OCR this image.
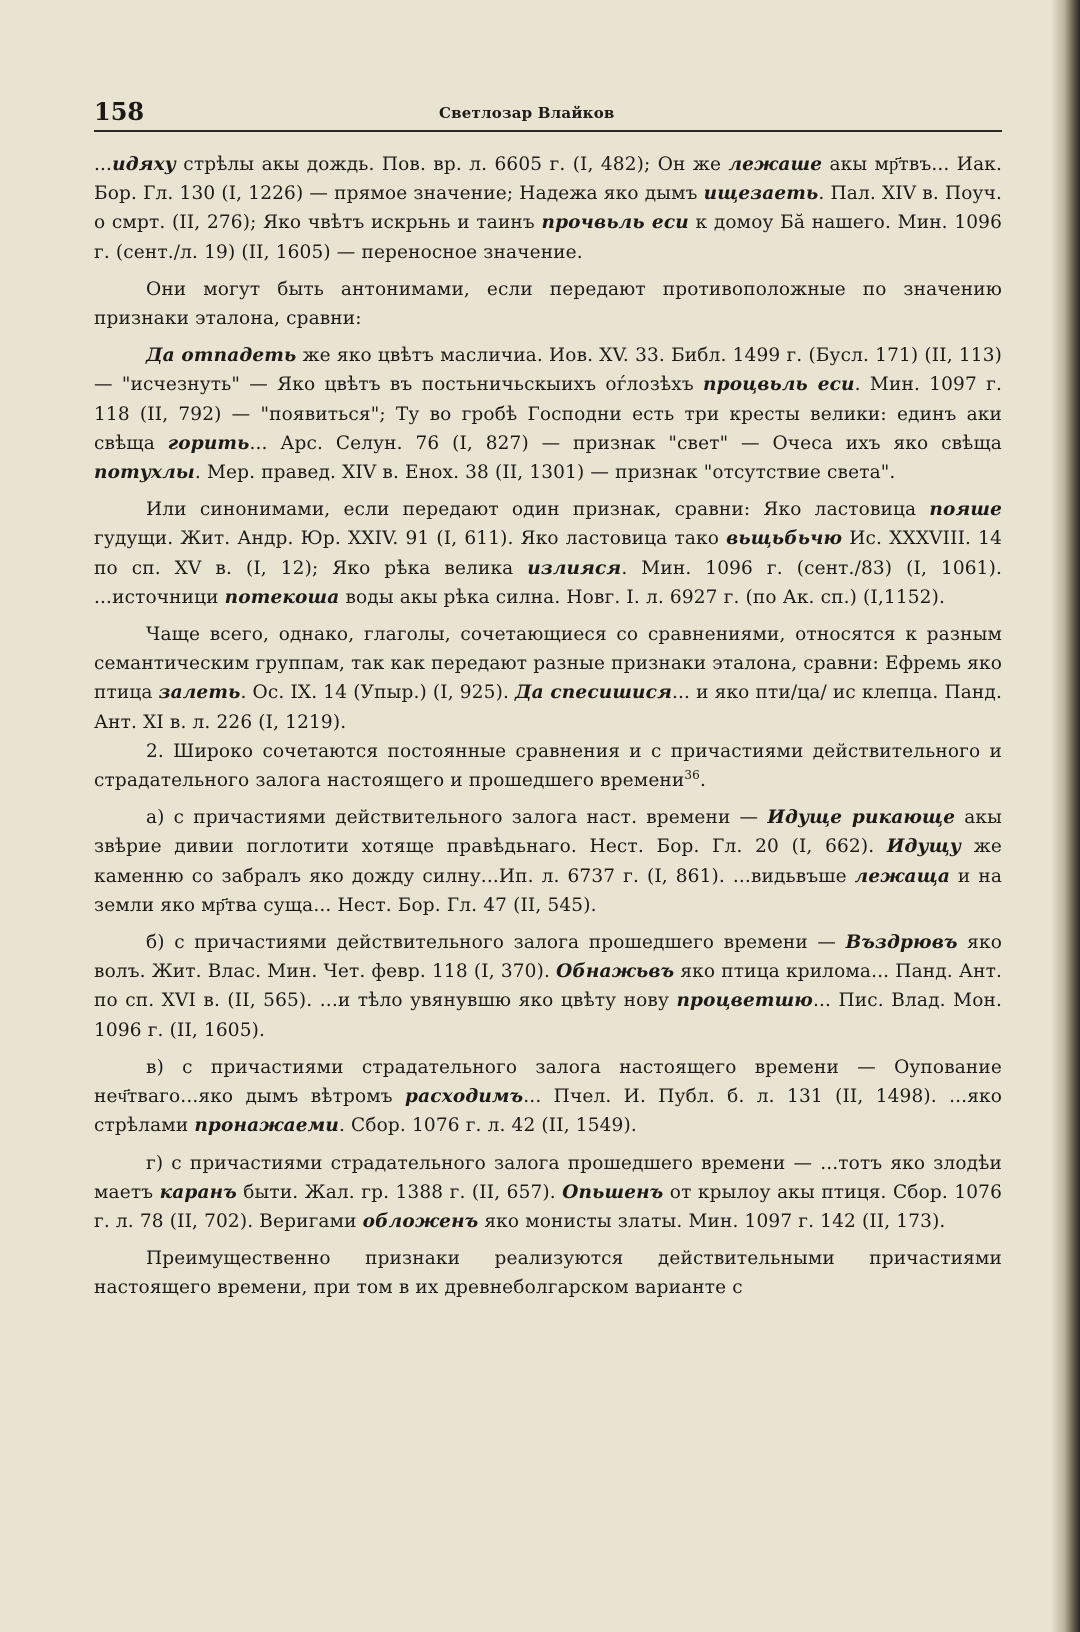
158	Светлозар Влайков

...идяху стрѣлы акы дождь. Пов. вр. л. 6605 г. (I, 482); Он же лежаше акы мр҃твъ... Иак. Бор. Гл. 130 (I, 1226) — прямое значение; Надежа яко дымъ ищезаеть. Пал. XIV в. Поуч. о смрт. (II, 276); Яко чвѣтъ искрьнь и таинъ прочвьль еси к домоу Бӑ нашего. Мин. 1096 г. (сент./л. 19) (II, 1605) — переносное значение.

Они могут быть антонимами, если передают противоположные по значению признаки эталона, сравни:

Да отпадеть же яко цвѣтъ масличиа. Иов. XV. 33. Библ. 1499 г. (Бусл. 171) (II, 113) — "исчезнуть" — Яко цвѣтъ въ постьничьскыихъ оѓлозѣхъ процвьль еси. Мин. 1097 г. 118 (II, 792) — "появиться"; Ту во гробѣ Господни есть три кресты велики: единъ аки свѣща горить... Арс. Селун. 76 (I, 827) — признак "свет" — Очеса ихъ яко свѣща потухлы. Мер. правед. XIV в. Енох. 38 (II, 1301) — признак "отсутствие света".

Или синонимами, если передают один признак, сравни: Яко ластовица пояше гудущи. Жит. Андр. Юр. XXIV. 91 (I, 611). Яко ластовица тако вьщьбьчю Ис. XXXVIII. 14 по сп. XV в. (I, 12); Яко рѣка велика излияся. Мин. 1096 г. (сент./83) (I, 1061). ...источници потекоша воды акы рѣка силна. Новг. I. л. 6927 г. (по Ак. сп.) (I,1152).

Чаще всего, однако, глаголы, сочетающиеся со сравнениями, относятся к разным семантическим группам, так как передают разные признаки эталона, сравни: Ефремь яко птица залеть. Ос. IX. 14 (Упыр.) (I, 925). Да спесишися... и яко пти/ца/ ис клепца. Панд. Ант. XI в. л. 226 (I, 1219).

2. Широко сочетаются постоянные сравнения и с причастиями действительного и страдательного залога настоящего и прошедшего времени$^{36}$.

а) с причастиями действительного залога наст. времени — Идуще рикающе акы звѣрие дивии поглотити хотяще правѣдьнаго. Нест. Бор. Гл. 20 (I, 662). Идущу же каменню со забралъ яко дожду силну...Ип. л. 6737 г. (I, 861). ...видьвъше лежаща и на земли яко мр҃тва суща... Нест. Бор. Гл. 47 (II, 545).

б) с причастиями действительного залога прошедшего времени — Въздрювъ яко волъ. Жит. Влас. Мин. Чет. февр. 118 (I, 370). Обнажьвъ яко птица крилома... Панд. Ант. по сп. XVI в. (II, 565). ...и тѣло увянувшю яко цвѣту нову процветшю... Пис. Влад. Мон. 1096 г. (II, 1605).

в) с причастиями страдательного залога настоящего времени — Оупование неч҃тваго...яко дымъ вѣтромъ расходимъ... Пчел. И. Публ. б. л. 131 (II, 1498). ...яко стрѣлами пронажаеми. Сбор. 1076 г. л. 42 (II, 1549).

г) с причастиями страдательного залога прошедшего времени — ...тотъ яко злодѣи маетъ каранъ быти. Жал. гр. 1388 г. (II, 657). Опьшенъ от крылоу акы птиця. Сбор. 1076 г. л. 78 (II, 702). Веригами обложенъ яко монисты златы. Мин. 1097 г. 142 (II, 173).

Преимущественно признаки реализуются действительными причастиями настоящего времени, при том в их древнеболгарском варианте с
